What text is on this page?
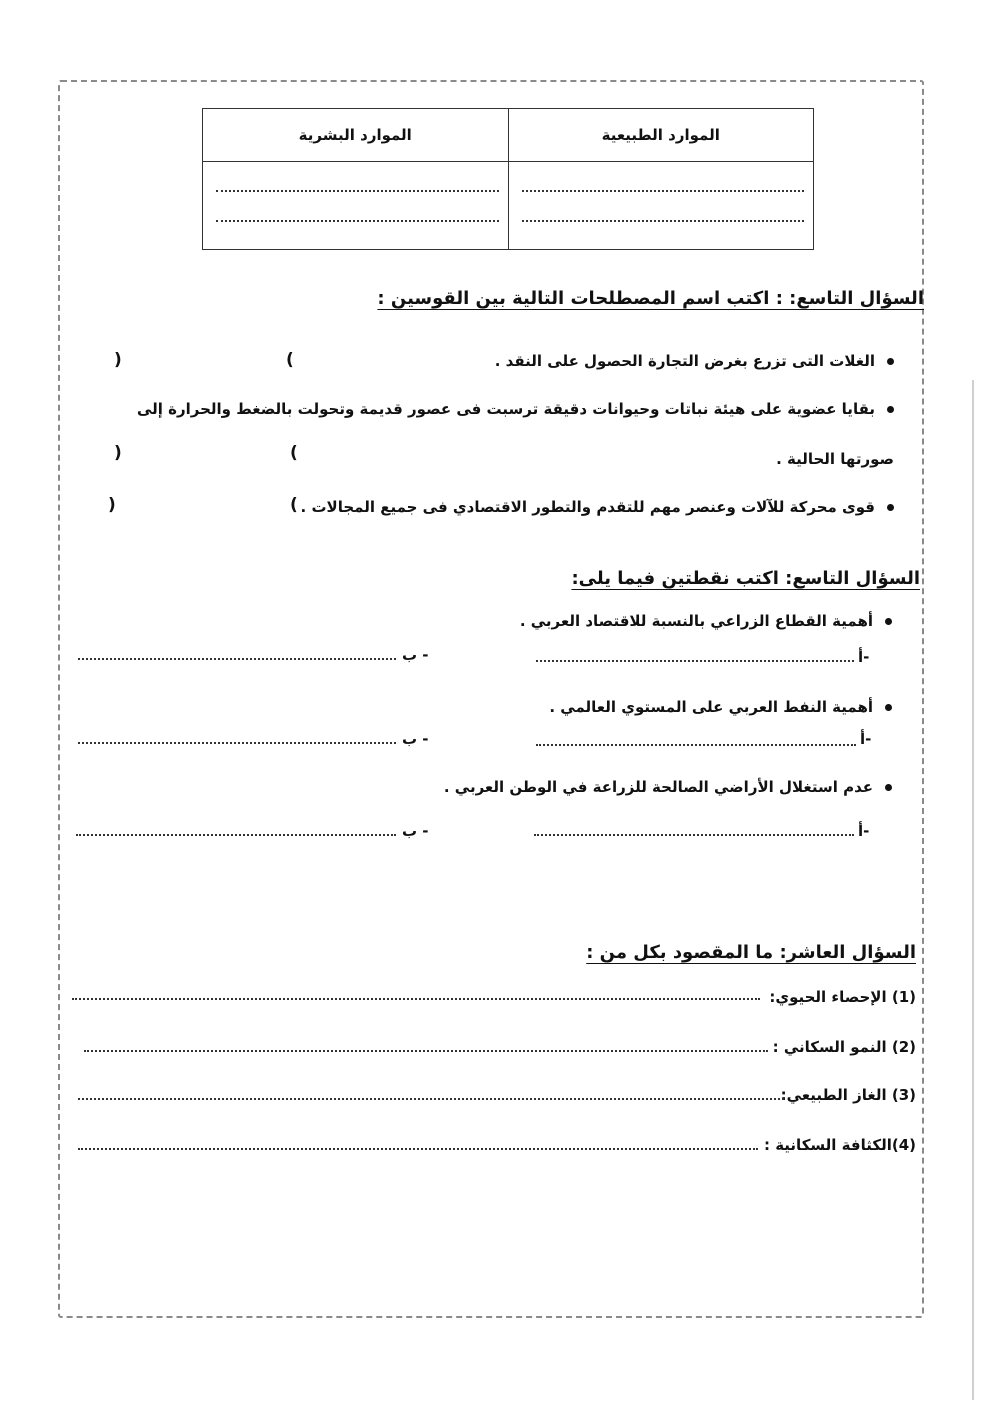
الموارد الطبيعية	الموارد البشرية

السؤال التاسع: : اكتب اسم المصطلحات التالية بين القوسين :
الغلات التى تزرع بغرض التجارة الحصول على النقد .
(
)
بقايا عضوية على هيئة نباتات وحيوانات دقيقة ترسبت فى عصور قديمة وتحولت بالضغط والحرارة إلى
صورتها الحالية .
(
)
قوى محركة للآلات وعنصر مهم للتقدم والتطور الاقتصادي فى جميع المجالات .
(
)
السؤال التاسع: اكتب نقطتين فيما يلى:
أهمية القطاع الزراعي بالنسبة للاقتصاد العربي .
أ-
ب -
أهمية النفط العربي على المستوي العالمي .
أ-
ب -
عدم استغلال الأراضي الصالحة للزراعة في الوطن العربي .
أ-
ب -
السؤال العاشر: ما المقصود بكل من :
(1) الإحصاء الحيوي:
(2) النمو السكاني :
(3) الغاز الطبيعي:
(4)الكثافة السكانية :
